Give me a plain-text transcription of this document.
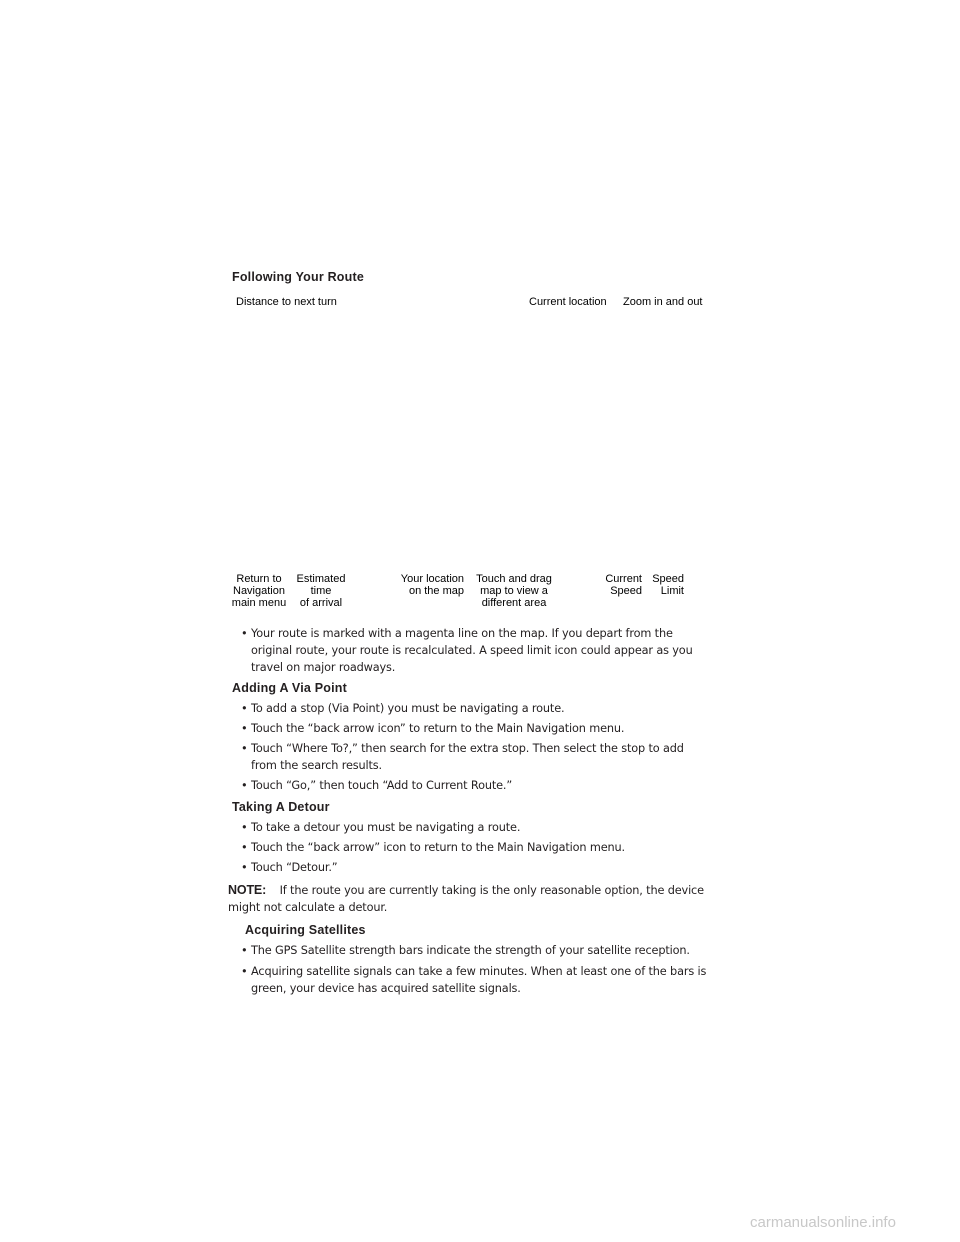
Following Your Route
Distance to next turn	Current location Zoom in and out
Return to
Navigation
main menu
Estimated
time
of arrival
Your location
on the map
Touch and drag
map to view a
different area
Current
Speed
Speed
Limit
• Your route is marked with a magenta line on the map. If you depart from the
original route, your route is recalculated. A speed limit icon could appear as you
travel on major roadways.
Adding A Via Point
• To add a stop (Via Point) you must be navigating a route.
• Touch the “back arrow icon” to return to the Main Navigation menu.
• Touch “Where To?,” then search for the extra stop. Then select the stop to add
from the search results.
• Touch “Go,” then touch “Add to Current Route.”
Taking A Detour
• To take a detour you must be navigating a route.
• Touch the “back arrow” icon to return to the Main Navigation menu.
• Touch “Detour.”
NOTE: If the route you are currently taking is the only reasonable option, the device
might not calculate a detour.
Acquiring Satellites
• The GPS Satellite strength bars indicate the strength of your satellite reception.
• Acquiring satellite signals can take a few minutes. When at least one of the bars is
green, your device has acquired satellite signals.
carmanualsonline.info
